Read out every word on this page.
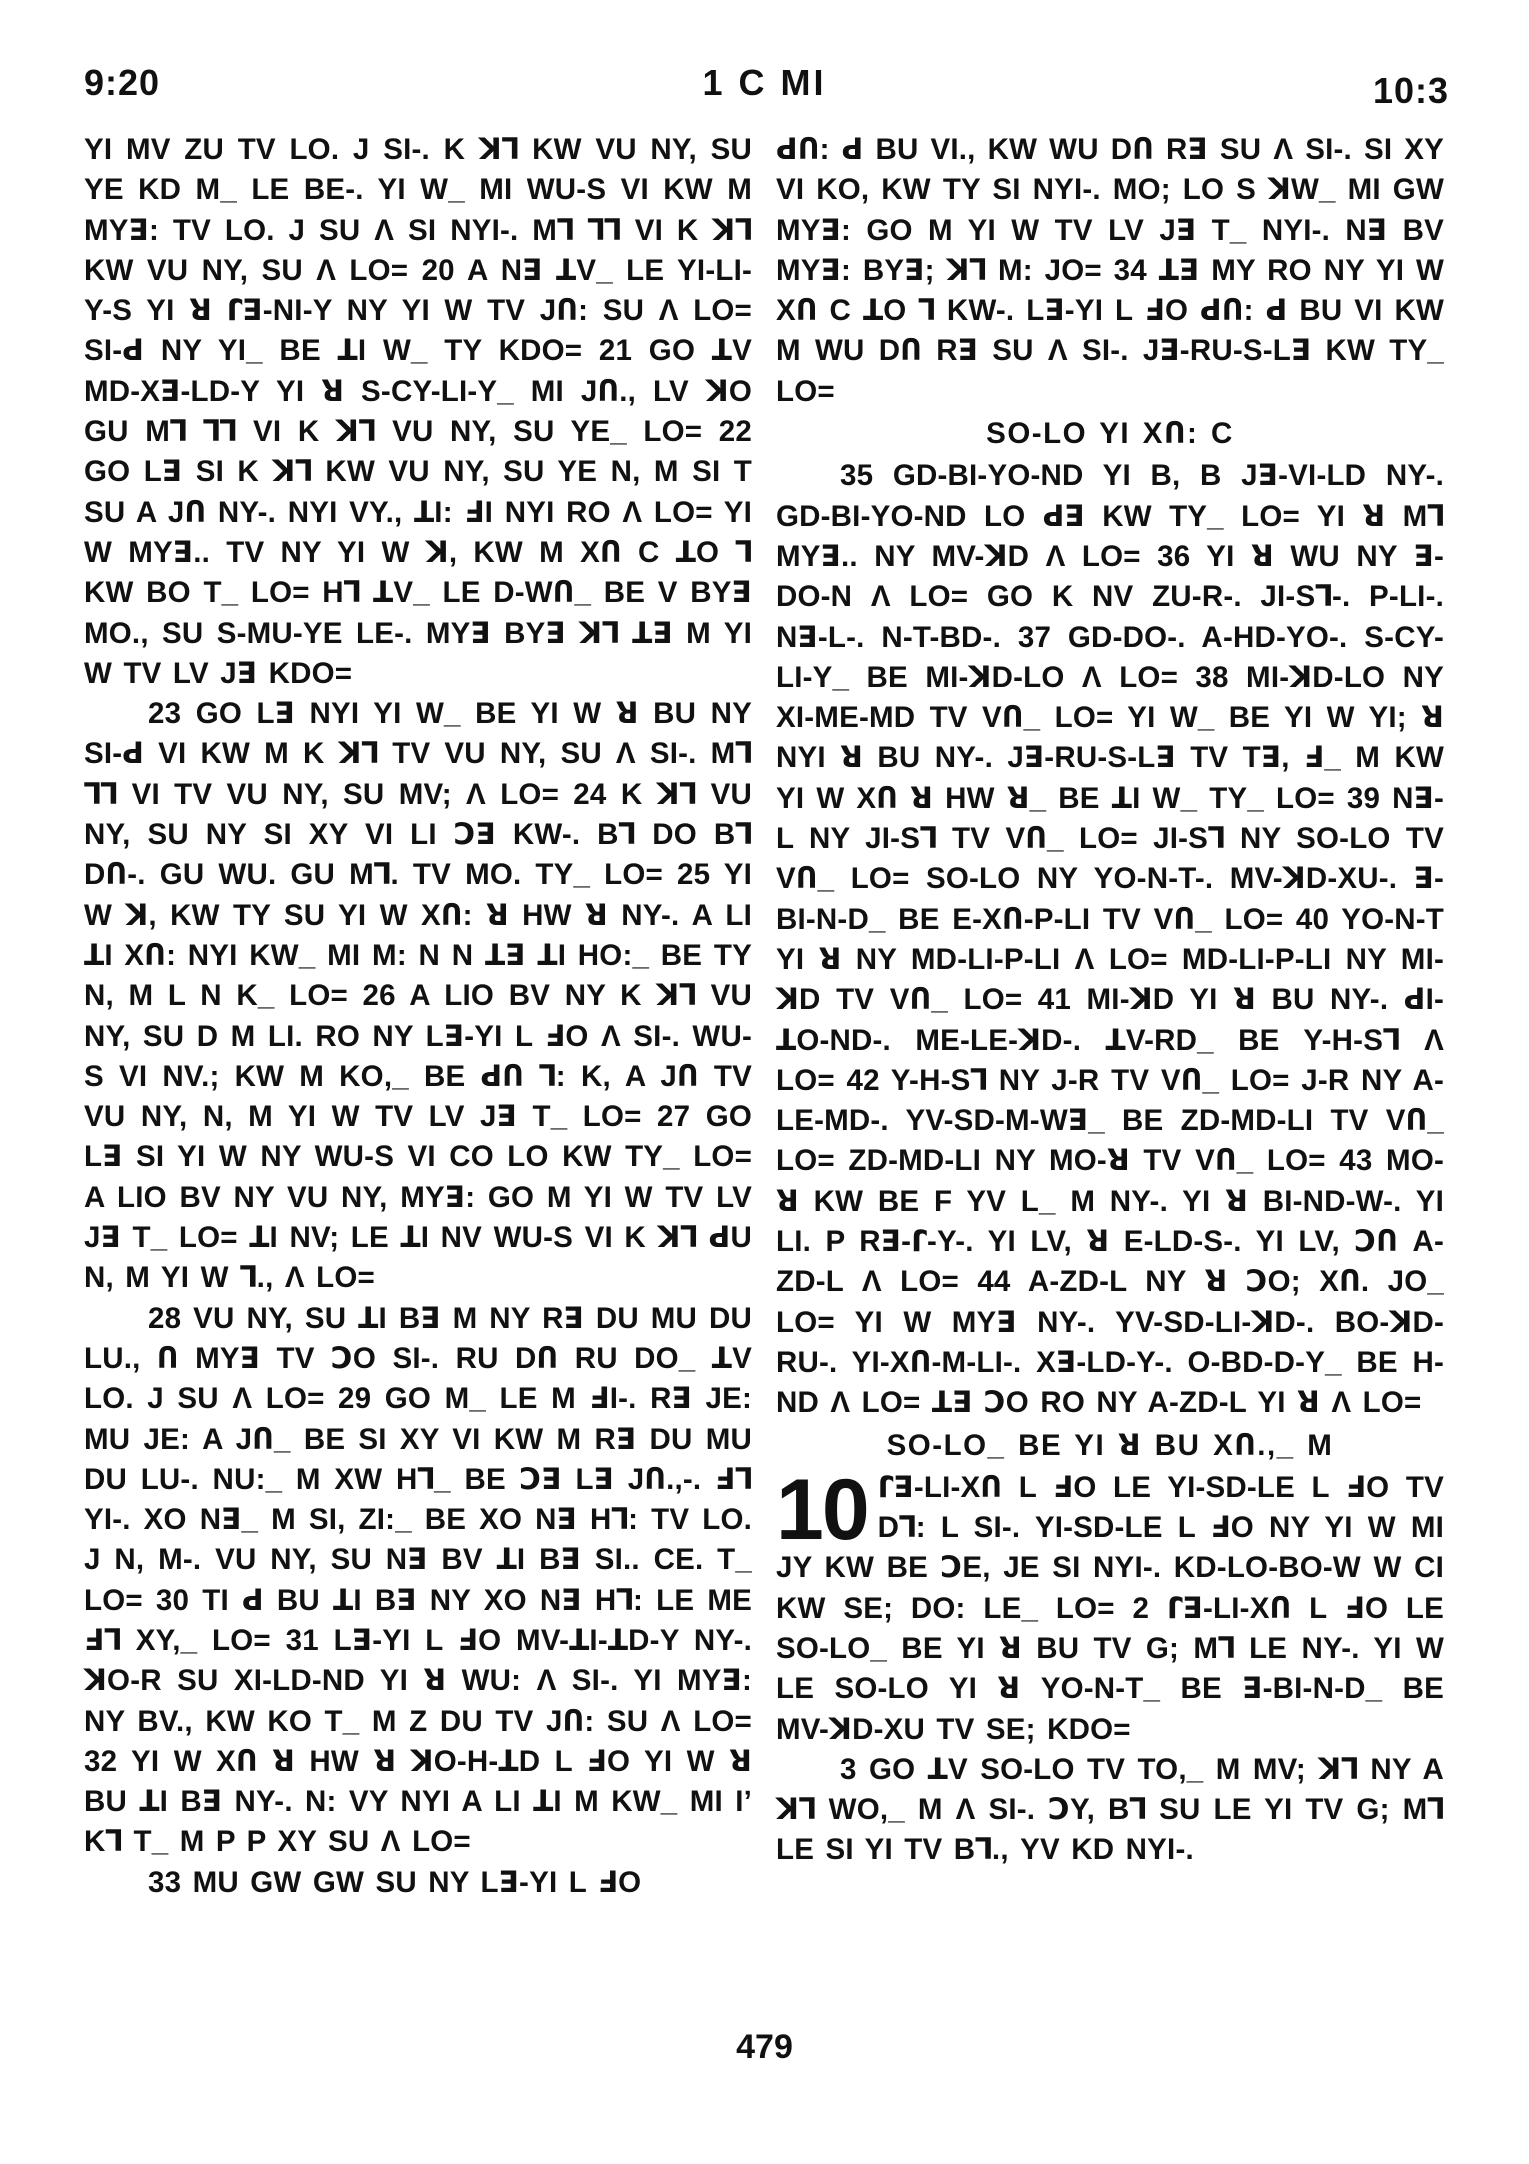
9:20	1 C MI	10:3

YI MV ZU TV LO. J SI-. K ꓘꓶ KW VU NY, SU YE KD M_ LE BE-. YI W_ MI WU-S VI KW M MYꓱ: TV LO. J SU Λ SI NYI-. Mꓶ ꓶꓶ VI K ꓘꓶ KW VU NY, SU Λ LO= 20 A Nꓱ ꓕV_ LE YI-LI-Y-S YI ꓤ ꓩꓱ-NI-Y NY YI W TV JՈ: SU Λ LO= SI-ꓒ NY YI_ BE ꓕI W_ TY KDO= 21 GO ꓕV MD-Xꓱ-LD-Y YI ꓤ S-CY-LI-Y_ MI JՈ., LV ꓘO GU Mꓶ ꓶꓶ VI K ꓘꓶ VU NY, SU YE_ LO= 22 GO Lꓱ SI K ꓘꓶ KW VU NY, SU YE N, M SI T SU A JՈ NY-. NYI VY., ꓕI: ꓞI NYI RO Λ LO= YI W MYꓱ.. TV NY YI W ꓘ, KW M XՈ C ꓕO ꓶ KW BO T_ LO= Hꓶ ꓕV_ LE D-WՈ_ BE V BYꓱ MO., SU S-MU-YE LE-. MYꓱ BYꓱ ꓘꓶ ꓕꓱ M YI W TV LV Jꓱ KDO=

23 GO Lꓱ NYI YI W_ BE YI W ꓤ BU NY SI-ꓒ VI KW M K ꓘꓶ TV VU NY, SU Λ SI-. Mꓶ ꓶꓶ VI TV VU NY, SU MV; Λ LO= 24 K ꓘꓶ VU NY, SU NY SI XY VI LI ꓛꓱ KW-. Bꓶ DO Bꓶ DՈ-. GU WU. GU Mꓶ. TV MO. TY_ LO= 25 YI W ꓘ, KW TY SU YI W XՈ: ꓤ HW ꓤ NY-. A LI ꓕI XՈ: NYI KW_ MI M: N N ꓕꓱ ꓕI HO:_ BE TY N, M L N K_ LO= 26 A LIO BV NY K ꓘꓶ VU NY, SU D M LI. RO NY Lꓱ-YI L ꓞO Λ SI-. WU-S VI NV.; KW M KO,_ BE ꓒՈ ꓶ: K, A JՈ TV VU NY, N, M YI W TV LV Jꓱ T_ LO= 27 GO Lꓱ SI YI W NY WU-S VI CO LO KW TY_ LO= A LIO BV NY VU NY, MYꓱ: GO M YI W TV LV Jꓱ T_ LO= ꓕI NV; LE ꓕI NV WU-S VI K ꓘꓶ ꓒU N, M YI W ꓶ., Λ LO=

28 VU NY, SU ꓕI Bꓱ M NY Rꓱ DU MU DU LU., Ո MYꓱ TV ꓛO SI-. RU DՈ RU DO_ ꓕV LO. J SU Λ LO= 29 GO M_ LE M ꓞI-. Rꓱ JE: MU JE: A JՈ_ BE SI XY VI KW M Rꓱ DU MU DU LU-. NU:_ M XW Hꓶ_ BE ꓛꓱ Lꓱ JՈ.,-. ꓞꓶ YI-. XO Nꓱ_ M SI, ZI:_ BE XO Nꓱ Hꓶ: TV LO. J N, M-. VU NY, SU Nꓱ BV ꓕI Bꓱ SI.. CE. T_ LO= 30 TI ꓒ BU ꓕI Bꓱ NY XO Nꓱ Hꓶ: LE ME ꓞꓶ XY,_ LO= 31 Lꓱ-YI L ꓞO MV-ꓕI-ꓕD-Y NY-. ꓘO-R SU XI-LD-ND YI ꓤ WU: Λ SI-. YI MYꓱ: NY BV., KW KO T_ M Z DU TV JՈ: SU Λ LO= 32 YI W XՈ ꓤ HW ꓤ ꓘO-H-ꓕD L ꓞO YI W ꓤ BU ꓕI Bꓱ NY-. N: VY NYI A LI ꓕI M KW_ MI Iʼ Kꓶ T_ M P P XY SU Λ LO=

33 MU GW GW SU NY Lꓱ-YI L ꓞO

ꓒՈ: ꓒ BU VI., KW WU DՈ Rꓱ SU Λ SI-. SI XY VI KO, KW TY SI NYI-. MO; LO S ꓘW_ MI GW MYꓱ: GO M YI W TV LV Jꓱ T_ NYI-. Nꓱ BV MYꓱ: BYꓱ; ꓘꓶ M: JO= 34 ꓕꓱ MY RO NY YI W XՈ C ꓕO ꓶ KW-. Lꓱ-YI L ꓞO ꓒՈ: ꓒ BU VI KW M WU DՈ Rꓱ SU Λ SI-. Jꓱ-RU-S-Lꓱ KW TY_ LO=

SO-LO YI XՈ: C

35 GD-BI-YO-ND YI B, B Jꓱ-VI-LD NY-. GD-BI-YO-ND LO ꓒꓱ KW TY_ LO= YI ꓤ Mꓶ MYꓱ.. NY MV-ꓘD Λ LO= 36 YI ꓤ WU NY ꓱ-DO-N Λ LO= GO K NV ZU-R-. JI-Sꓶ-. P-LI-. Nꓱ-L-. N-T-BD-. 37 GD-DO-. A-HD-YO-. S-CY-LI-Y_ BE MI-ꓘD-LO Λ LO= 38 MI-ꓘD-LO NY XI-ME-MD TV VՈ_ LO= YI W_ BE YI W YI; ꓤ NYI ꓤ BU NY-. Jꓱ-RU-S-Lꓱ TV Tꓱ, ꓞ_ M KW YI W XՈ ꓤ HW ꓤ_ BE ꓕI W_ TY_ LO= 39 Nꓱ-L NY JI-Sꓶ TV VՈ_ LO= JI-Sꓶ NY SO-LO TV VՈ_ LO= SO-LO NY YO-N-T-. MV-ꓘD-XU-. ꓱ-BI-N-D_ BE E-XՈ-P-LI TV VՈ_ LO= 40 YO-N-T YI ꓤ NY MD-LI-P-LI Λ LO= MD-LI-P-LI NY MI-ꓘD TV VՈ_ LO= 41 MI-ꓘD YI ꓤ BU NY-. ꓒI-ꓕO-ND-. ME-LE-ꓘD-. ꓕV-RD_ BE Y-H-Sꓶ Λ LO= 42 Y-H-Sꓶ NY J-R TV VՈ_ LO= J-R NY A-LE-MD-. YV-SD-M-Wꓱ_ BE ZD-MD-LI TV VՈ_ LO= ZD-MD-LI NY MO-ꓤ TV VՈ_ LO= 43 MO-ꓤ KW BE F YV L_ M NY-. YI ꓤ BI-ND-W-. YI LI. P Rꓱ-ꓩ-Y-. YI LV, ꓤ E-LD-S-. YI LV, ꓛՈ A-ZD-L Λ LO= 44 A-ZD-L NY ꓤ ꓛO; XՈ. JO_ LO= YI W MYꓱ NY-. YV-SD-LI-ꓘD-. BO-ꓘD-RU-. YI-XՈ-M-LI-. Xꓱ-LD-Y-. O-BD-D-Y_ BE H-ND Λ LO= ꓕꓱ ꓛO RO NY A-ZD-L YI ꓤ Λ LO=

SO-LO_ BE YI ꓤ BU XՈ.,_ M
10 ꓩꓱ-LI-XՈ L ꓞO LE YI-SD-LE L ꓞO TV Dꓶ: L SI-. YI-SD-LE L ꓞO NY YI W MI JY KW BE ꓛE, JE SI NYI-. KD-LO-BO-W W CI KW SE; DO: LE_ LO= 2 ꓩꓱ-LI-XՈ L ꓞO LE SO-LO_ BE YI ꓤ BU TV G; Mꓶ LE NY-. YI W LE SO-LO YI ꓤ YO-N-T_ BE ꓱ-BI-N-D_ BE MV-ꓘD-XU TV SE; KDO=

3 GO ꓕV SO-LO TV TO,_ M MV; ꓘꓶ NY A ꓘꓶ WO,_ M Λ SI-. ꓛY, Bꓶ SU LE YI TV G; Mꓶ LE SI YI TV Bꓶ., YV KD NYI-.

479
